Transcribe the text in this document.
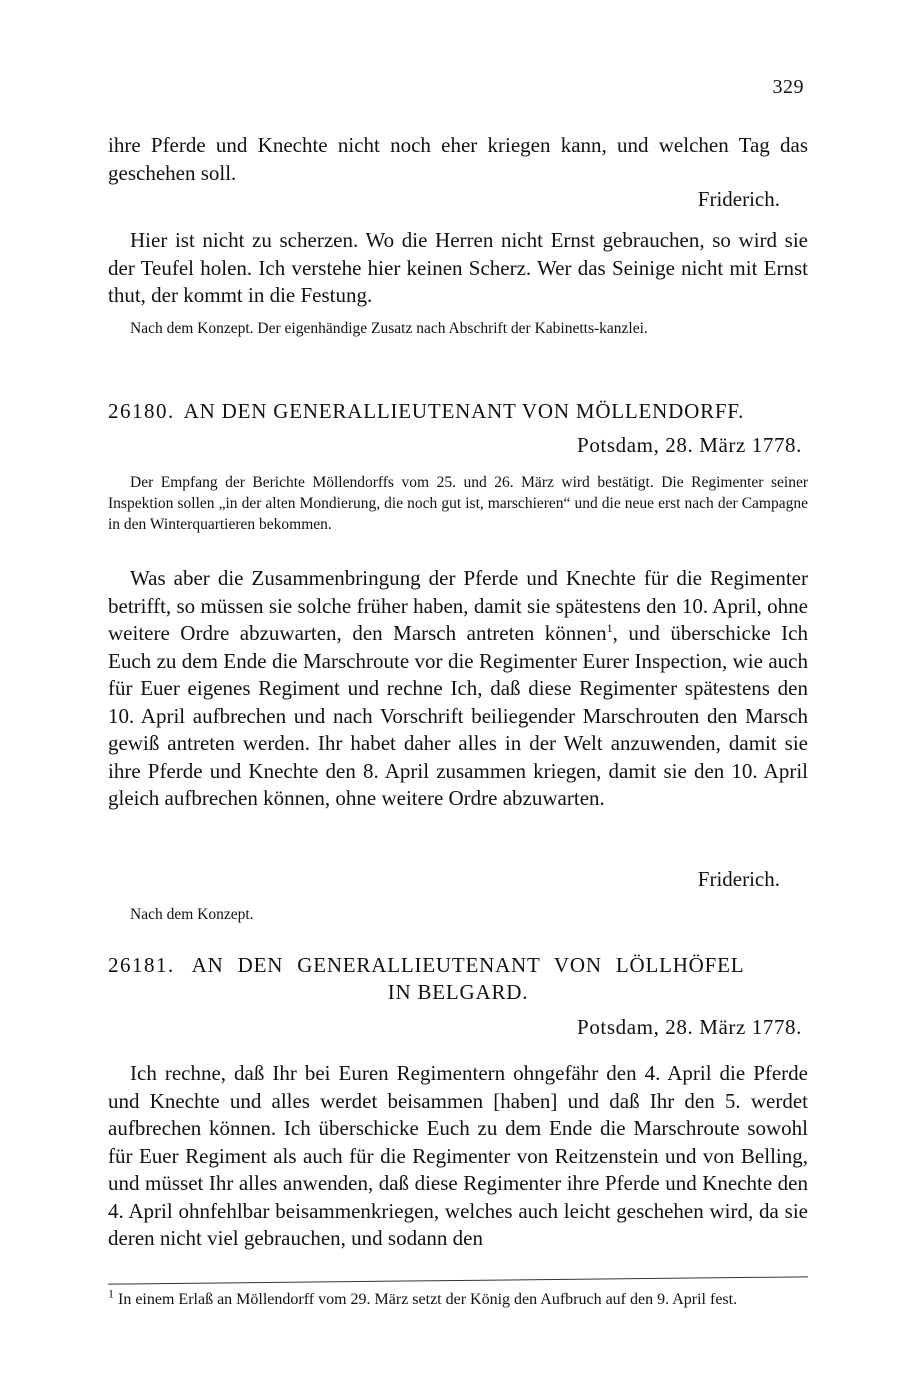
329

ihre Pferde und Knechte nicht noch eher kriegen kann, und welchen Tag das geschehen soll.

Friderich.

Hier ist nicht zu scherzen. Wo die Herren nicht Ernst gebrauchen, so wird sie der Teufel holen. Ich verstehe hier keinen Scherz. Wer das Seinige nicht mit Ernst thut, der kommt in die Festung.

Nach dem Konzept. Der eigenhändige Zusatz nach Abschrift der Kabinetts-kanzlei.

26180. AN DEN GENERALLIEUTENANT VON MÖLLENDORFF.

Potsdam, 28. März 1778.

Der Empfang der Berichte Möllendorffs vom 25. und 26. März wird bestätigt. Die Regimenter seiner Inspektion sollen „in der alten Mondierung, die noch gut ist, marschieren“ und die neue erst nach der Campagne in den Winterquartieren bekommen.

Was aber die Zusammenbringung der Pferde und Knechte für die Regimenter betrifft, so müssen sie solche früher haben, damit sie spätestens den 10. April, ohne weitere Ordre abzuwarten, den Marsch antreten können$^1$, und überschicke Ich Euch zu dem Ende die Marschroute vor die Regimenter Eurer Inspection, wie auch für Euer eigenes Regiment und rechne Ich, daß diese Regimenter spätestens den 10. April aufbrechen und nach Vorschrift beiliegender Marschrouten den Marsch gewiß antreten werden. Ihr habet daher alles in der Welt anzuwenden, damit sie ihre Pferde und Knechte den 8. April zusammen kriegen, damit sie den 10. April gleich aufbrechen können, ohne weitere Ordre abzuwarten.

Friderich.

Nach dem Konzept.

26181. AN DEN GENERALLIEUTENANT VON LÖLLHÖFEL

IN BELGARD.

Potsdam, 28. März 1778.

Ich rechne, daß Ihr bei Euren Regimentern ohngefähr den 4. April die Pferde und Knechte und alles werdet beisammen [haben] und daß Ihr den 5. werdet aufbrechen können. Ich überschicke Euch zu dem Ende die Marschroute sowohl für Euer Regiment als auch für die Regimenter von Reitzenstein und von Belling, und müsset Ihr alles anwenden, daß diese Regimenter ihre Pferde und Knechte den 4. April ohnfehlbar beisammenkriegen, welches auch leicht geschehen wird, da sie deren nicht viel gebrauchen, und sodann den

$^1$ In einem Erlaß an Möllendorff vom 29. März setzt der König den Aufbruch auf den 9. April fest.
